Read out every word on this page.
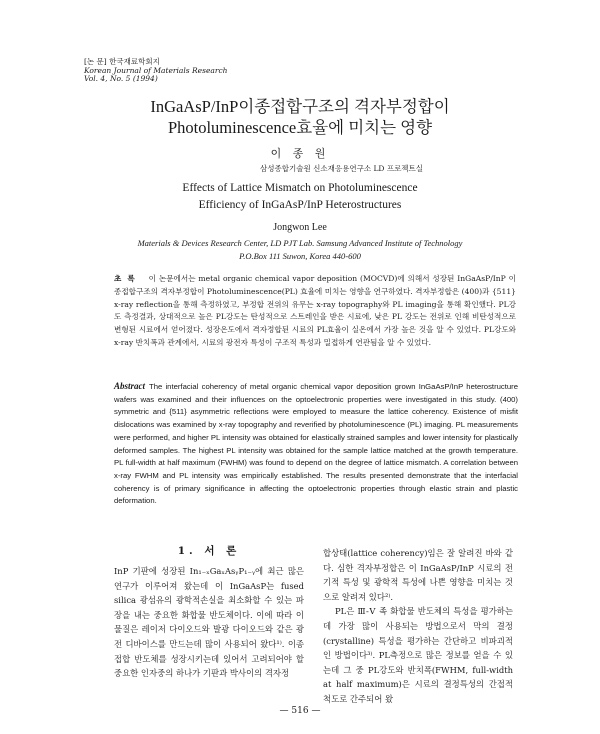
[논 문] 한국재료학회지
Korean Journal of Materials Research
Vol. 4, No. 5 (1994)
InGaAsP/InP이종접합구조의 격자부정합이
Photoluminescence효율에 미치는 영향
이 종 원
삼성종합기술원 신소재응용연구소 LD 프로젝트실
Effects of Lattice Mismatch on Photoluminescence
Efficiency of InGaAsP/InP Heterostructures
Jongwon Lee
Materials & Devices Research Center, LD PJT Lab. Samsung Advanced Institute of Technology
P.O.Box 111 Suwon, Korea 440-600
초록 이 논문에서는 metal organic chemical vapor deposition (MOCVD)에 의해서 성장된 InGaAsP/InP 이종접합구조의 격자부정합이 Photoluminescence(PL) 효율에 미치는 영향을 연구하였다. 격자부정합은 (400)과 {511} x-ray reflection을 통해 측정하였고, 부정합 전위의 유무는 x-ray topography와 PL imaging을 통해 확인했다. PL강도 측정결과, 상대적으로 높은 PL강도는 탄성적으로 스트레인을 받은 시료에, 낮은 PL 강도는 전위로 인해 비탄성적으로 변형된 시료에서 얻어졌다. 성장온도에서 격자정합된 시료의 PL효율이 실온에서 가장 높은 것을 알 수 있었다. PL강도와 x-ray 반치폭과 관계에서, 시료의 광전자 특성이 구조적 특성과 밀접하게 연관됨을 알 수 있었다.
Abstract The interfacial coherency of metal organic chemical vapor deposition grown InGaAsP/InP heterostructure wafers was examined and their influences on the optoelectronic properties were investigated in this study. (400) symmetric and {511} asymmetric reflections were employed to measure the lattice coherency. Existence of misfit dislocations was examined by x-ray topography and reverified by photoluminescence (PL) imaging. PL measurements were performed, and higher PL intensity was obtained for elastically strained samples and lower intensity for plastically deformed samples. The highest PL intensity was obtained for the sample lattice matched at the growth temperature. PL full-width at half maximum (FWHM) was found to depend on the degree of lattice mismatch. A correlation between x-ray FWHM and PL intensity was empirically established. The results presented demonstrate that the interfacial coherency is of primary significance in affecting the optoelectronic properties through elastic strain and plastic deformation.
1. 서 론

InP 기판에 성장된 In₁₋ₓGaₓAsᵧP₁₋ᵧ에 최근 많은 연구가 이루어져 왔는데 이 InGaAsP는 fused silica 광섬유의 광학적손실을 최소화할 수 있는 파장을 내는 중요한 화합물 반도체이다. 이에 따라 이 물질은 레이저 다이오드와 발광 다이오드와 같은 광전 디바이스를 만드는데 많이 사용되어 왔다¹⁾. 이종접합 반도체를 성장시키는데 있어서 고려되어야 할 중요한 인자중의 하나가 기판과 박사이의 격자정

합상태(lattice coherency)임은 잘 알려진 바와 같다. 심한 격자부정합은 이 InGaAsP/InP 시료의 전기적 특성 및 광학적 특성에 나쁜 영향을 미치는 것으로 알려져 있다²⁾.

PL은 Ⅲ-Ⅴ 족 화합물 반도체의 특성을 평가하는데 가장 많이 사용되는 방법으로서 막의 결정(crystalline) 특성을 평가하는 간단하고 비파괴적인 방법이다³⁾. PL측정으로 많은 정보를 얻을 수 있는데 그 중 PL강도와 반치폭(FWHM, full-width at half maximum)은 시료의 결정특성의 간접적 척도로 간주되어 왔

— 516 —
